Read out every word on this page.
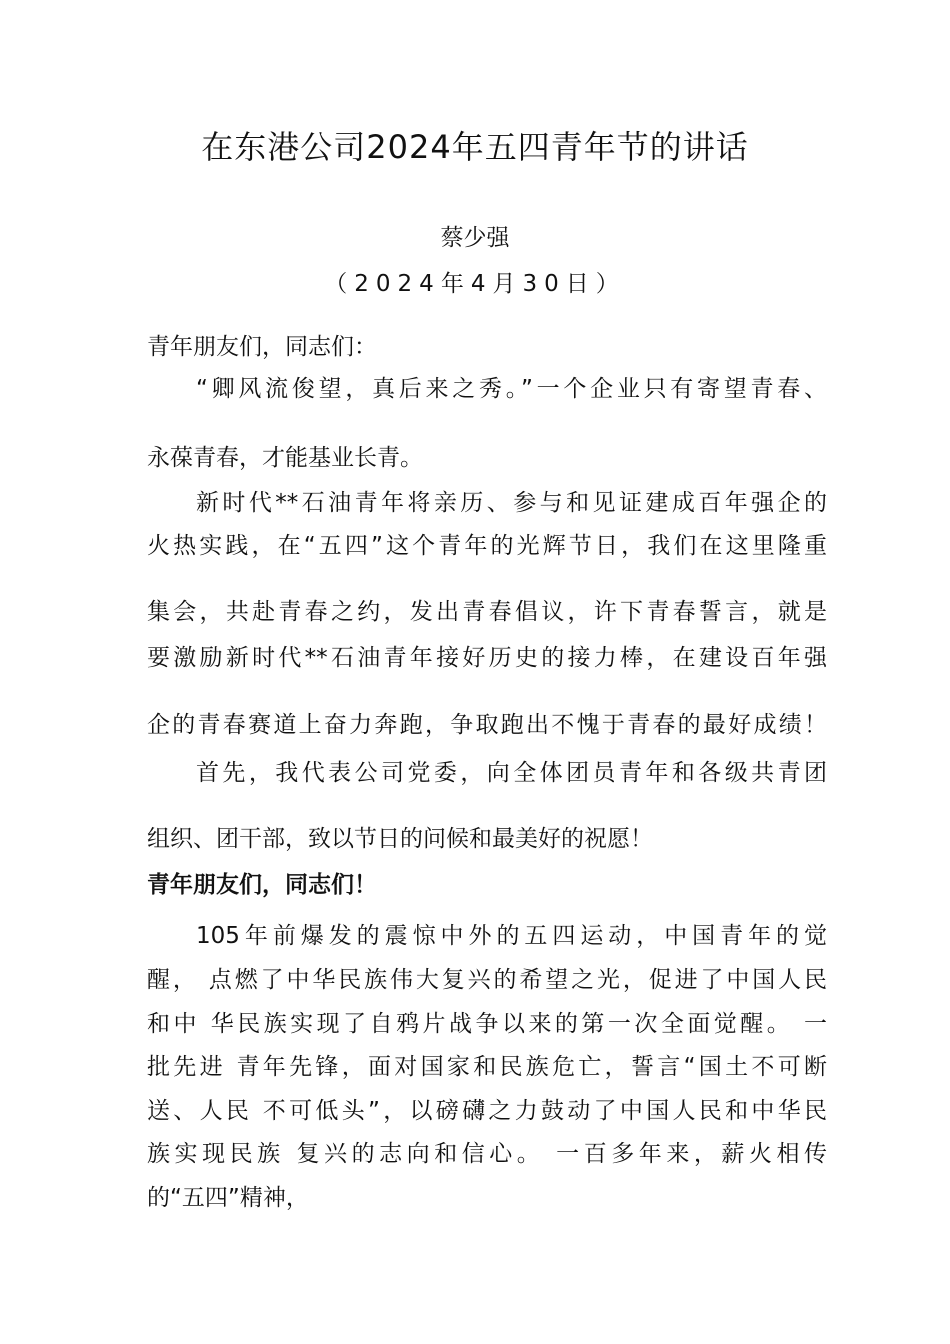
在东港公司2024年五四青年节的讲话
蔡少强
（2024年4月30日）
青年朋友们，同志们：
“卿风流俊望，真后来之秀。”一个企业只有寄望青春、
永葆青春，才能基业长青。
新时代**石油青年将亲历、参与和见证建成百年强企的
火热实践，在“五四”这个青年的光辉节日，我们在这里隆重
集会，共赴青春之约，发出青春倡议，许下青春誓言，就是
要激励新时代**石油青年接好历史的接力棒，在建设百年强
企的青春赛道上奋力奔跑，争取跑出不愧于青春的最好成绩！
首先，我代表公司党委，向全体团员青年和各级共青团
组织、团干部，致以节日的问候和最美好的祝愿！
青年朋友们，同志们！
105年前爆发的震惊中外的五四运动，中国青年的觉
醒， 点燃了中华民族伟大复兴的希望之光，促进了中国人民
和中 华民族实现了自鸦片战争以来的第一次全面觉醒。 一
批先进 青年先锋，面对国家和民族危亡，誓言“国土不可断
送、人民 不可低头”，以磅礴之力鼓动了中国人民和中华民
族实现民族 复兴的志向和信心。 一百多年来，薪火相传
的“五四”精神，
